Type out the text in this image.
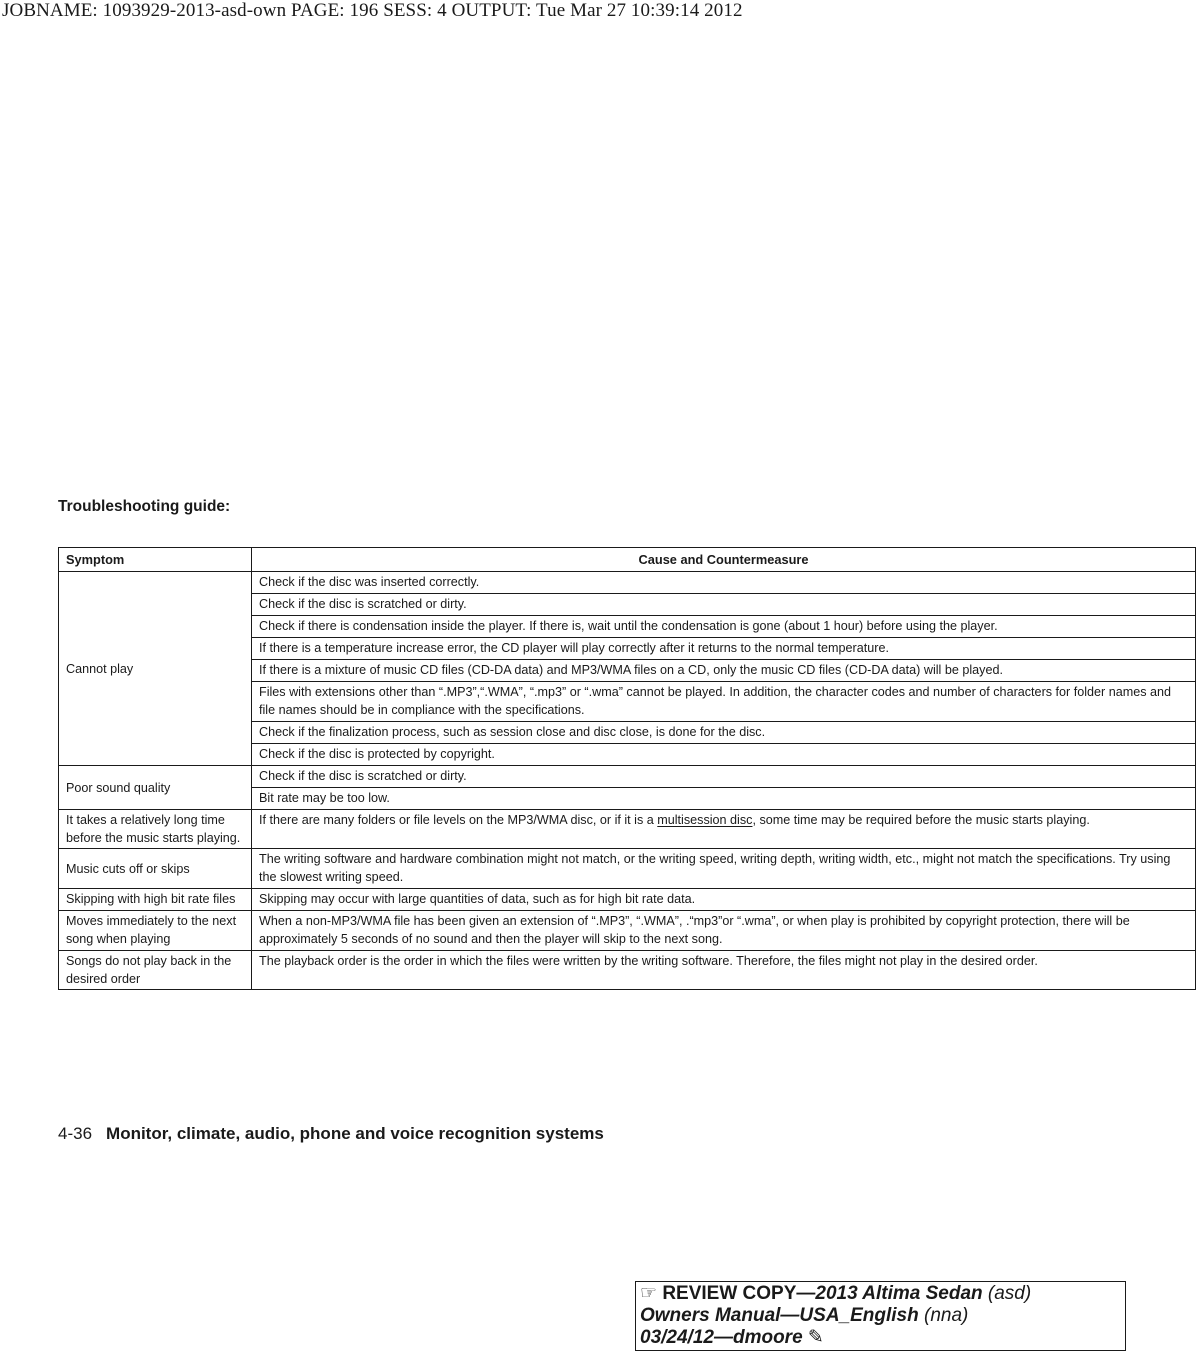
JOBNAME: 1093929-2013-asd-own PAGE: 196 SESS: 4 OUTPUT: Tue Mar 27 10:39:14 2012
Troubleshooting guide:
Symptom	Cause and Countermeasure
Cannot play	Check if the disc was inserted correctly.
	Check if the disc is scratched or dirty.
	Check if there is condensation inside the player. If there is, wait until the condensation is gone (about 1 hour) before using the player.
	If there is a temperature increase error, the CD player will play correctly after it returns to the normal temperature.
	If there is a mixture of music CD files (CD-DA data) and MP3/WMA files on a CD, only the music CD files (CD-DA data) will be played.
	Files with extensions other than “.MP3”,“.WMA”, “.mp3” or “.wma” cannot be played. In addition, the character codes and number of characters for folder names and file names should be in compliance with the specifications.
	Check if the finalization process, such as session close and disc close, is done for the disc.
	Check if the disc is protected by copyright.
Poor sound quality	Check if the disc is scratched or dirty.
	Bit rate may be too low.
It takes a relatively long time before the music starts playing.	If there are many folders or file levels on the MP3/WMA disc, or if it is a multisession disc, some time may be required before the music starts playing.
Music cuts off or skips	The writing software and hardware combination might not match, or the writing speed, writing depth, writing width, etc., might not match the specifications. Try using the slowest writing speed.
Skipping with high bit rate files	Skipping may occur with large quantities of data, such as for high bit rate data.
Moves immediately to the next song when playing	When a non-MP3/WMA file has been given an extension of “.MP3”, “.WMA”, .“mp3”or “.wma”, or when play is prohibited by copyright protection, there will be approximately 5 seconds of no sound and then the player will skip to the next song.
Songs do not play back in the desired order	The playback order is the order in which the files were written by the writing software. Therefore, the files might not play in the desired order.
4-36 Monitor, climate, audio, phone and voice recognition systems
☞ REVIEW COPY—2013 Altima Sedan (asd)
Owners Manual—USA_English (nna)
03/24/12—dmoore ✎
